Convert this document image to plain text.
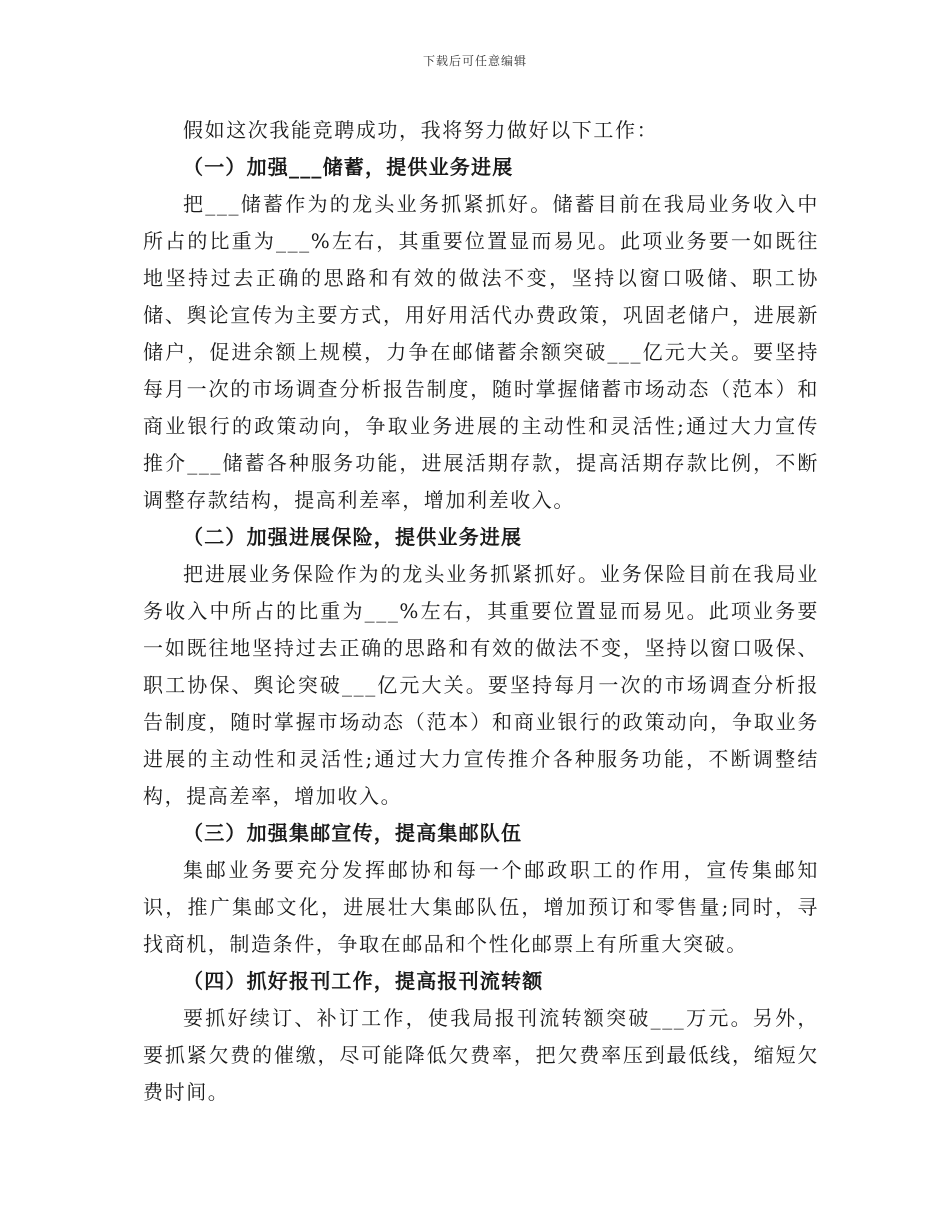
下载后可任意编辑

假如这次我能竞聘成功，我将努力做好以下工作：

（一）加强___储蓄，提供业务进展

把___储蓄作为的龙头业务抓紧抓好。储蓄目前在我局业务收入中所占的比重为___%左右，其重要位置显而易见。此项业务要一如既往地坚持过去正确的思路和有效的做法不变，坚持以窗口吸储、职工协储、舆论宣传为主要方式，用好用活代办费政策，巩固老储户，进展新储户，促进余额上规模，力争在邮储蓄余额突破___亿元大关。要坚持每月一次的市场调查分析报告制度，随时掌握储蓄市场动态（范本）和商业银行的政策动向，争取业务进展的主动性和灵活性;通过大力宣传推介___储蓄各种服务功能，进展活期存款，提高活期存款比例，不断调整存款结构，提高利差率，增加利差收入。

（二）加强进展保险，提供业务进展

把进展业务保险作为的龙头业务抓紧抓好。业务保险目前在我局业务收入中所占的比重为___%左右，其重要位置显而易见。此项业务要一如既往地坚持过去正确的思路和有效的做法不变，坚持以窗口吸保、职工协保、舆论突破___亿元大关。要坚持每月一次的市场调查分析报告制度，随时掌握市场动态（范本）和商业银行的政策动向，争取业务进展的主动性和灵活性;通过大力宣传推介各种服务功能，不断调整结构，提高差率，增加收入。

（三）加强集邮宣传，提高集邮队伍

集邮业务要充分发挥邮协和每一个邮政职工的作用，宣传集邮知识，推广集邮文化，进展壮大集邮队伍，增加预订和零售量;同时，寻找商机，制造条件，争取在邮品和个性化邮票上有所重大突破。

（四）抓好报刊工作，提高报刊流转额

要抓好续订、补订工作，使我局报刊流转额突破___万元。另外，要抓紧欠费的催缴，尽可能降低欠费率，把欠费率压到最低线，缩短欠费时间。
